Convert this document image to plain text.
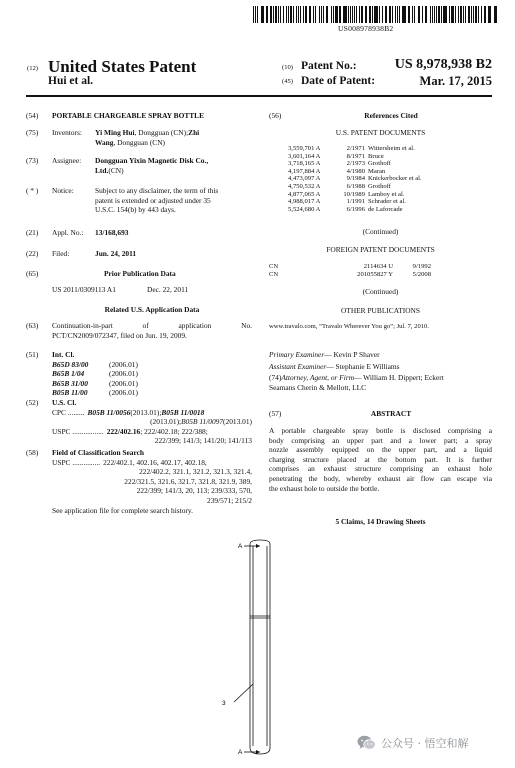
US008978938B2
(12) United States Patent
Hui et al.
(10) Patent No.:	US 8,978,938 B2
(45) Date of Patent:	Mar. 17, 2015
(54)	PORTABLE CHARGEABLE SPRAY BOTTLE
(75)	Inventors:	Yi Ming Hui , Dongguan (CN); Zhi
Wang , Dongguan (CN)
(73)	Assignee:	Dongguan Yixin Magnetic Disk Co.,
Ltd. (CN)
( * )	Notice:	Subject to any disclaimer, the term of this
patent is extended or adjusted under 35
U.S.C. 154(b) by 443 days.
(21)	Appl. No.:	13/168,693
(22)	Filed:	Jun. 24, 2011
(65)	Prior Publication Data
US 2011/0309113 A1	Dec. 22, 2011
Related U.S. Application Data
(63)	Continuation-in-part of application No.
PCT/CN2009/072347, filed on Jun. 19, 2009.
(51)	Int. Cl.
B65D 83/00	(2006.01)
B65B 1/04	(2006.01)
B65B 31/00	(2006.01)
B05B 11/00	(2006.01)
(52)	U.S. Cl.
CPC ......... B05B 11/0056 (2013.01); B05B 11/0018
(2013.01); B05B 11/0097 (2013.01)
USPC ................. 222/402.16 ; 222/402.18; 222/388;
222/399; 141/3; 141/20; 141/113
(58)	Field of Classification Search
USPC ............... 222/402.1, 402.16, 402.17, 402.18,
222/402.2, 321.1, 321.2, 321.3, 321.4,
222/321.5, 321.6, 321.7, 321.8, 321.9, 389,
222/399; 141/3, 20, 113; 239/333, 570,
239/571; 215/2
See application file for complete search history.
(56)	References Cited
U.S. PATENT DOCUMENTS
3,559,701 A	2/1971 Wittersheim et al.
3,601,164 A	8/1971 Bruce
3,718,165 A	2/1973 Grothoff
4,197,884 A	4/1980 Maran
4,473,097 A	9/1984 Knickerbocker et al.
4,750,532 A	6/1988 Grothoff
4,877,065 A	10/1989 Lamboy et al.
4,988,017 A	1/1991 Schrader et al.
5,524,680 A	6/1996 de Laforcade
(Continued)
FOREIGN PATENT DOCUMENTS
CN	2114634 U	9/1992
CN	201055827 Y	5/2008
(Continued)
OTHER PUBLICATIONS
www.travalo.com, “Travalo Wherever You go”; Jul. 7, 2010.
Primary Examiner — Kevin P Shaver
Assistant Examiner — Stephanie E Williams
(74) Attorney, Agent, or Firm — William H. Dippert; Eckert
Seamans Cherin & Mellott, LLC
(57)	ABSTRACT
A portable chargeable spray bottle is disclosed comprising a
body comprising an upper part and a lower part; a spray
nozzle assembly equipped on the upper part, and a liquid
charging structure placed at the bottom part. It is further
comprises an exhaust structure comprising an exhaust hole
penetrating the body, whereby exhaust air flow can escape via
the exhaust hole to outside the bottle.
5 Claims, 14 Drawing Sheets
A
A
3
公众号 · 悟空和解
